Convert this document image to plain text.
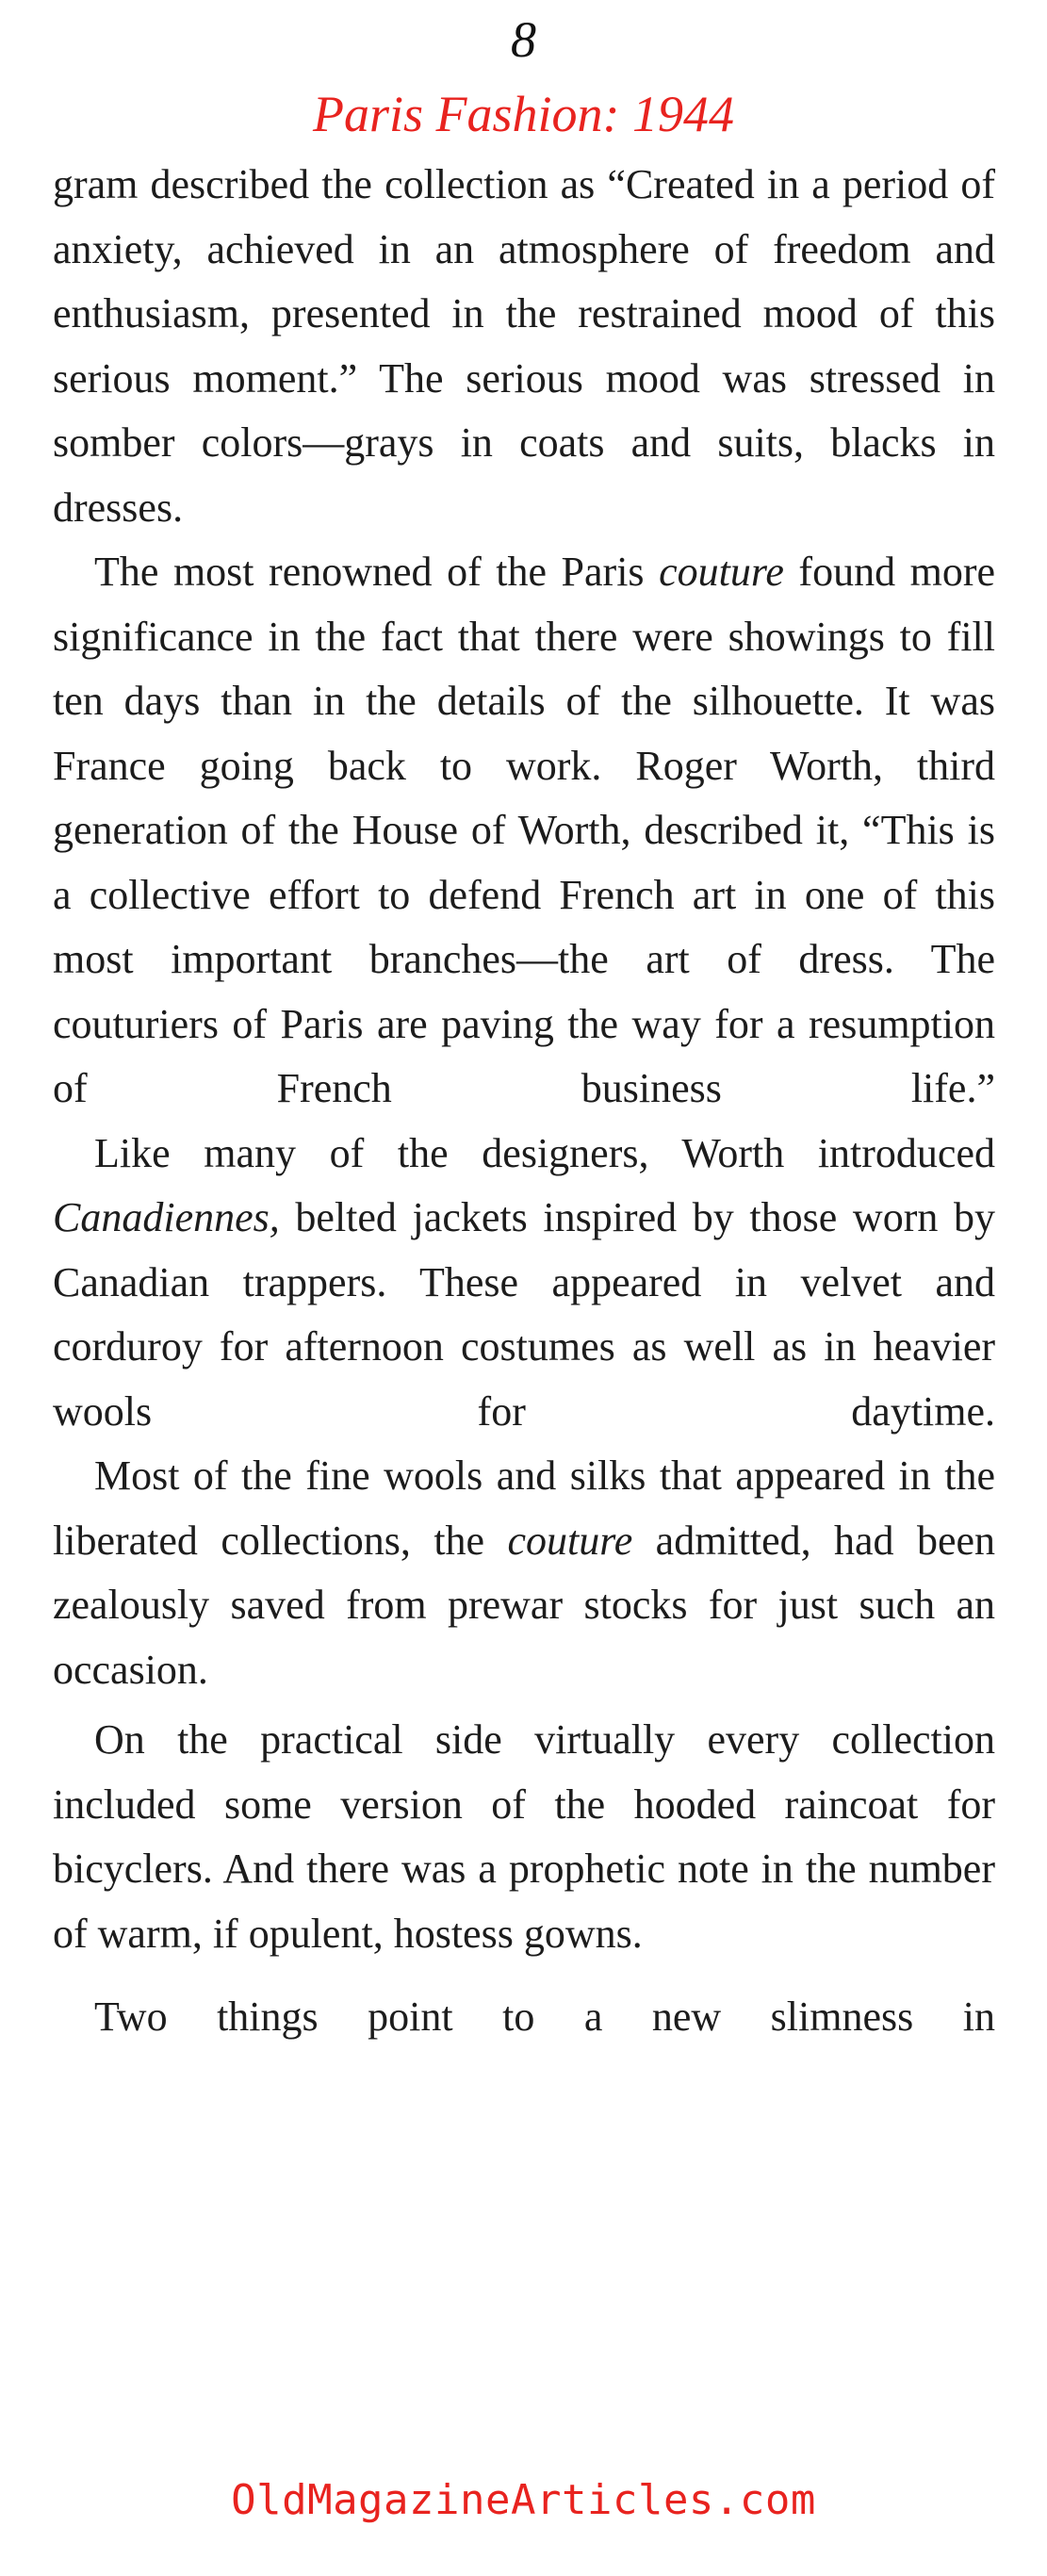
8
Paris Fashion: 1944

gram described the collection as “Created in a period of anxiety, achieved in an atmosphere of freedom and enthusiasm, presented in the restrained mood of this serious moment.” The serious mood was stressed in somber colors—grays in coats and suits, blacks in dresses.

The most renowned of the Paris couture found more significance in the fact that there were showings to fill ten days than in the details of the silhouette. It was France going back to work. Roger Worth, third generation of the House of Worth, described it, “This is a collective effort to defend French art in one of this most important branches—the art of dress. The couturiers of Paris are paving the way for a resumption of French business life.”

Like many of the designers, Worth introduced Canadiennes, belted jackets inspired by those worn by Canadian trappers. These appeared in velvet and corduroy for afternoon costumes as well as in heavier wools for daytime.

Most of the fine wools and silks that appeared in the liberated collections, the couture admitted, had been zealously saved from prewar stocks for just such an occasion.

On the practical side virtually every collection included some version of the hooded raincoat for bicyclers. And there was a prophetic note in the number of warm, if opulent, hostess gowns.

Two things point to a new slimness in

OldMagazineArticles.com
